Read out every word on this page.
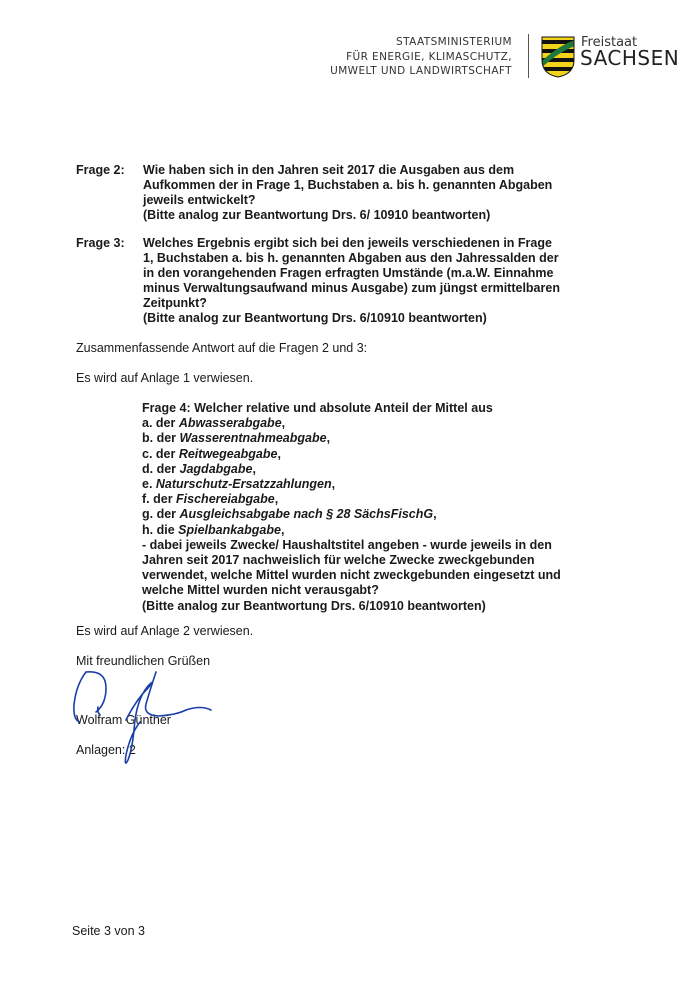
STAATSMINISTERIUM
FÜR ENERGIE, KLIMASCHUTZ,
UMWELT UND LANDWIRTSCHAFT
Freistaat
SACHSEN
Frage 2: Wie haben sich in den Jahren seit 2017 die Ausgaben aus dem
Aufkommen der in Frage 1, Buchstaben a. bis h. genannten Abgaben
jeweils entwickelt?
(Bitte analog zur Beantwortung Drs. 6/ 10910 beantworten)
Frage 3: Welches Ergebnis ergibt sich bei den jeweils verschiedenen in Frage
1, Buchstaben a. bis h. genannten Abgaben aus den Jahressalden der
in den vorangehenden Fragen erfragten Umstände (m.a.W. Einnahme
minus Verwaltungsaufwand minus Ausgabe) zum jüngst ermittelbaren
Zeitpunkt?
(Bitte analog zur Beantwortung Drs. 6/10910 beantworten)
Zusammenfassende Antwort auf die Fragen 2 und 3:
Es wird auf Anlage 1 verwiesen.
Frage 4: Welcher relative und absolute Anteil der Mittel aus
a. der Abwasserabgabe,
b. der Wasserentnahmeabgabe,
c. der Reitwegeabgabe,
d. der Jagdabgabe,
e. Naturschutz-Ersatzzahlungen,
f. der Fischereiabgabe,
g. der Ausgleichsabgabe nach § 28 SächsFischG,
h. die Spielbankabgabe,
- dabei jeweils Zwecke/ Haushaltstitel angeben - wurde jeweils in den
Jahren seit 2017 nachweislich für welche Zwecke zweckgebunden
verwendet, welche Mittel wurden nicht zweckgebunden eingesetzt und
welche Mittel wurden nicht verausgabt?
(Bitte analog zur Beantwortung Drs. 6/10910 beantworten)
Es wird auf Anlage 2 verwiesen.
Mit freundlichen Grüßen
Wolfram Günther
Anlagen: 2
Seite 3 von 3
